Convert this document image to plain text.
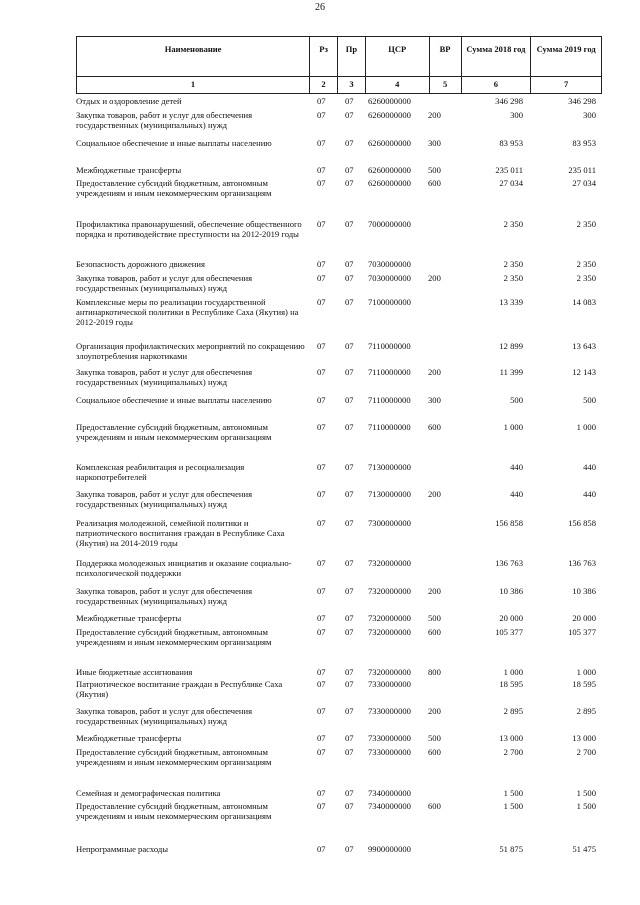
26
Наименование	Рз	Пр	ЦСР	ВР	Сумма 2018 год	Сумма 2019 год
1	2	3	4	5	6	7
Отдых и оздоровление детей	07 07 6260000000	346 298	346 298
Закупка товаров, работ и услуг для обеспечения государственных (муниципальных) нужд
07 07 6260000000 200	300	300
Социальное обеспечение и иные выплаты населению	07 07 6260000000 300	83 953	83 953
Межбюджетные трансферты	07 07 6260000000 500	235 011	235 011
Предоставление субсидий бюджетным, автономным учреждениям и иным некоммерческим организациям
07 07 6260000000 600	27 034	27 034
Профилактика правонарушений, обеспечение общественного порядка и противодействие преступности на 2012-2019 годы
07 07 7000000000	2 350	2 350
Безопасность дорожного движения	07 07 7030000000	2 350	2 350
Закупка товаров, работ и услуг для обеспечения государственных (муниципальных) нужд
07 07 7030000000 200	2 350	2 350
Комплексные меры по реализации государственной антинаркотической политики в Республике Саха (Якутия) на 2012-2019 годы
07 07 7100000000	13 339	14 083
Организация профилактических мероприятий по сокращению злоупотребления наркотиками
07 07 7110000000	12 899	13 643
Закупка товаров, работ и услуг для обеспечения государственных (муниципальных) нужд
07 07 7110000000 200	11 399	12 143
Социальное обеспечение и иные выплаты населению	07 07 7110000000 300	500	500
Предоставление субсидий бюджетным, автономным учреждениям и иным некоммерческим организациям
07 07 7110000000 600	1 000	1 000
Комплексная реабилитация и ресоциализация наркопотребителей
07 07 7130000000	440	440
Закупка товаров, работ и услуг для обеспечения государственных (муниципальных) нужд
07 07 7130000000 200	440	440
Реализация молодежной, семейной политики и патриотического воспитания граждан в Республике Саха (Якутия) на 2014-2019 годы
07 07 7300000000	156 858	156 858
Поддержка молодежных инициатив и оказание социально-психологической поддержки
07 07 7320000000	136 763	136 763
Закупка товаров, работ и услуг для обеспечения государственных (муниципальных) нужд
07 07 7320000000 200	10 386	10 386
Межбюджетные трансферты	07 07 7320000000 500	20 000	20 000
Предоставление субсидий бюджетным, автономным учреждениям и иным некоммерческим организациям
07 07 7320000000 600	105 377	105 377
Иные бюджетные ассигнования	07 07 7320000000 800	1 000	1 000
Патриотическое воспитание граждан в Республике Саха (Якутия)
07 07 7330000000	18 595	18 595
Закупка товаров, работ и услуг для обеспечения государственных (муниципальных) нужд
07 07 7330000000 200	2 895	2 895
Межбюджетные трансферты	07 07 7330000000 500	13 000	13 000
Предоставление субсидий бюджетным, автономным учреждениям и иным некоммерческим организациям
07 07 7330000000 600	2 700	2 700
Семейная и демографическая политика	07 07 7340000000	1 500	1 500
Предоставление субсидий бюджетным, автономным учреждениям и иным некоммерческим организациям
07 07 7340000000 600	1 500	1 500
Непрограммные расходы	07 07 9900000000	51 875	51 475
